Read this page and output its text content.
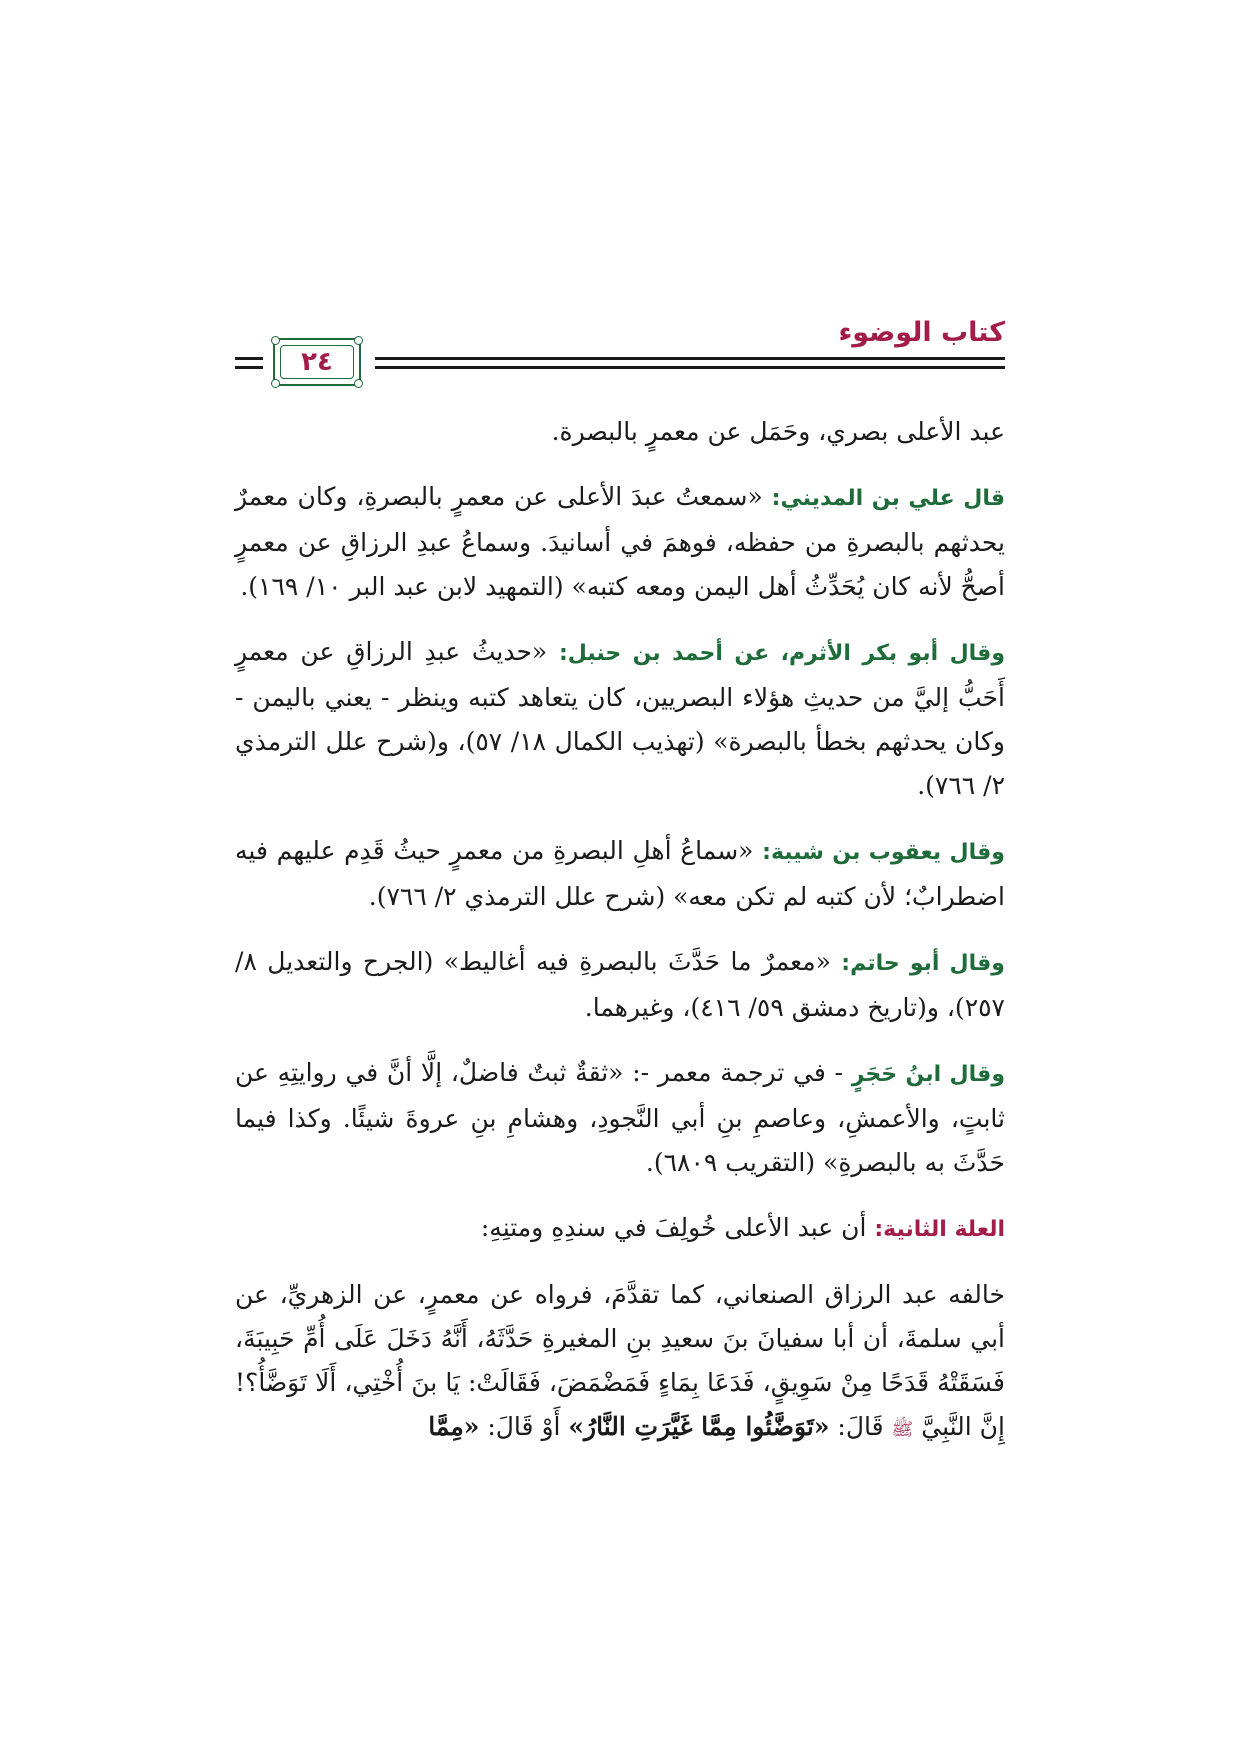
كتاب الوضوء
٢٤

عبد الأعلى بصري، وحَمَل عن معمرٍ بالبصرة.

قال علي بن المديني: «سمعتُ عبدَ الأعلى عن معمرٍ بالبصرةِ، وكان معمرٌ يحدثهم بالبصرةِ من حفظه، فوهمَ في أسانيدَ. وسماعُ عبدِ الرزاقِ عن معمرٍ أصحُّ لأنه كان يُحَدِّثُ أهل اليمن ومعه كتبه» (التمهيد لابن عبد البر ١٠/ ١٦٩).

وقال أبو بكر الأثرم، عن أحمد بن حنبل: «حديثُ عبدِ الرزاقِ عن معمرٍ أَحَبُّ إليَّ من حديثِ هؤلاء البصريين، كان يتعاهد كتبه وينظر - يعني باليمن - وكان يحدثهم بخطأ بالبصرة» (تهذيب الكمال ١٨/ ٥٧)، و(شرح علل الترمذي ٢/ ٧٦٦).

وقال يعقوب بن شيبة: «سماعُ أهلِ البصرةِ من معمرٍ حيثُ قَدِم عليهم فيه اضطرابٌ؛ لأن كتبه لم تكن معه» (شرح علل الترمذي ٢/ ٧٦٦).

وقال أبو حاتم: «معمرٌ ما حَدَّثَ بالبصرةِ فيه أغاليط» (الجرح والتعديل ٨/ ٢٥٧)، و(تاريخ دمشق ٥٩/ ٤١٦)، وغيرهما.

وقال ابنُ حَجَرٍ - في ترجمة معمر -: «ثقةٌ ثبتٌ فاضلٌ، إلَّا أنَّ في روايتِهِ عن ثابتٍ، والأعمشِ، وعاصمِ بنِ أبي النَّجودِ، وهشامِ بنِ عروةَ شيئًا. وكذا فيما حَدَّثَ به بالبصرةِ» (التقريب ٦٨٠٩).

العلة الثانية: أن عبد الأعلى خُولِفَ في سندِهِ ومتنِهِ:

خالفه عبد الرزاق الصنعاني، كما تقدَّمَ، فرواه عن معمرٍ، عن الزهريِّ، عن أبي سلمةَ، أن أبا سفيانَ بنَ سعيدِ بنِ المغيرةِ حَدَّثَهُ، أَنَّهُ دَخَلَ عَلَى أُمِّ حَبِيبَةَ، فَسَقَتْهُ قَدَحًا مِنْ سَوِيقٍ، فَدَعَا بِمَاءٍ فَمَضْمَضَ، فَقَالَتْ: يَا بنَ أُخْتِي، أَلَا تَوَضَّأُ؟! إِنَّ النَّبِيَّ ﷺ قَالَ: «تَوَضَّئُوا مِمَّا غَيَّرَتِ النَّارُ» أَوْ قَالَ: «مِمَّا
